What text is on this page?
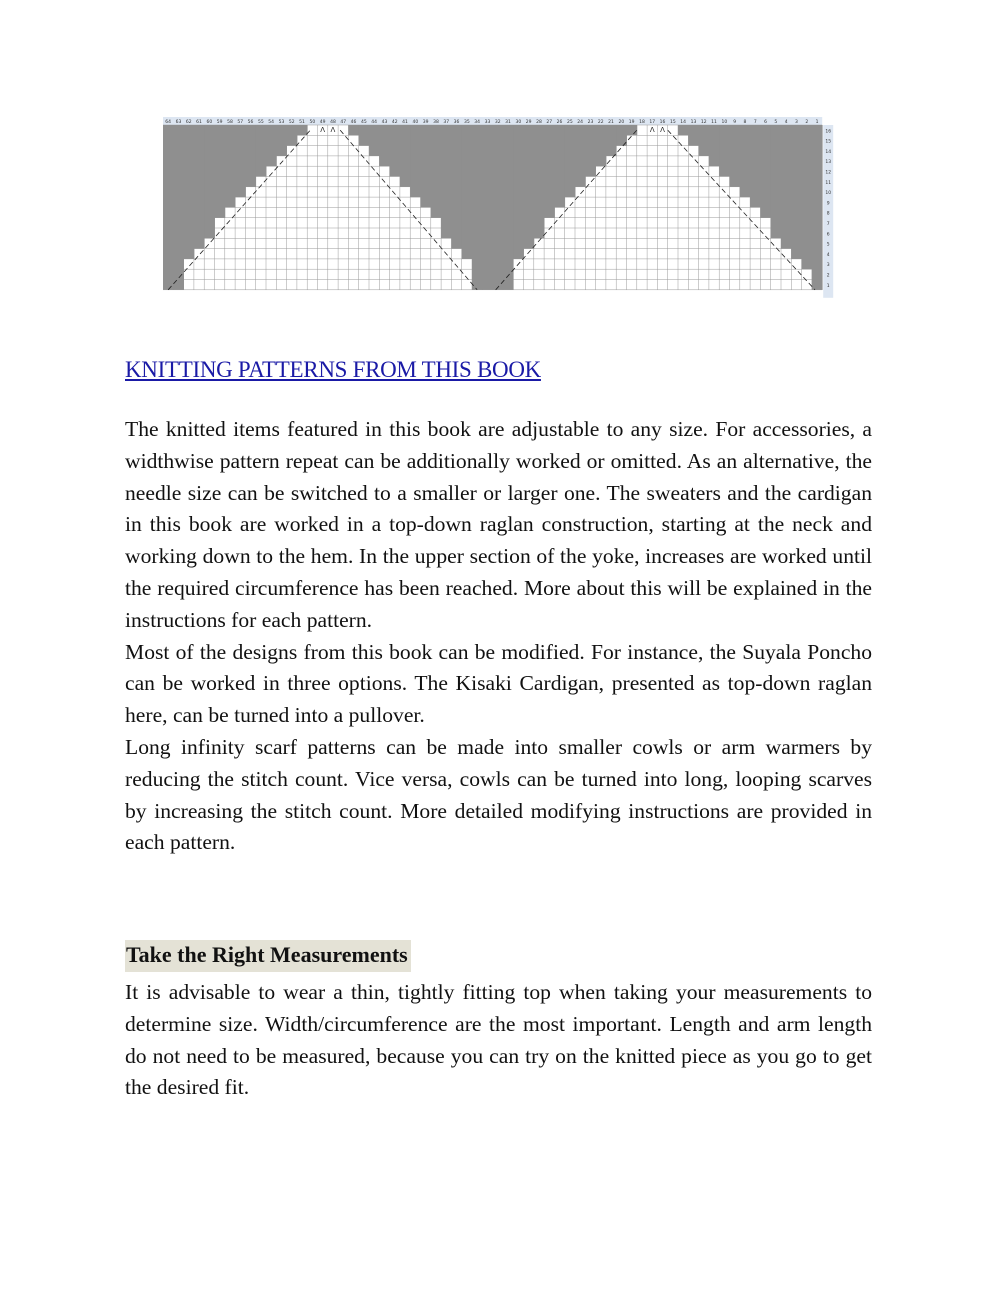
64 63 62 61 60 59 58 57 56 55 54 53 52 51 50 49 48 47 46 45 44 43 42 41 40 39 38 37 36 35 34 33 32 31 30 29 28 27 26 25 24 23 22 21 20 19 18 17 16 15 14 13 12 11 10 9 8 7 6 5 4 3 2 1
Λ Λ	Λ Λ	16
15
14
13
12
11
10
9
8
7
6
5
4
3
2
1
KNITTING PATTERNS FROM THIS BOOK

The knitted items featured in this book are adjustable to any size. For accessories, a widthwise pattern repeat can be additionally worked or omitted. As an alternative, the needle size can be switched to a smaller or larger one. The sweaters and the cardigan in this book are worked in a top-down raglan construction, starting at the neck and working down to the hem. In the upper section of the yoke, increases are worked until the required circumference has been reached. More about this will be explained in the instructions for each pattern.

Most of the designs from this book can be modified. For instance, the Suyala Poncho can be worked in three options. The Kisaki Cardigan, presented as top-down raglan here, can be turned into a pullover.

Long infinity scarf patterns can be made into smaller cowls or arm warmers by reducing the stitch count. Vice versa, cowls can be turned into long, looping scarves by increasing the stitch count. More detailed modifying instructions are provided in each pattern.

Take the Right Measurements

It is advisable to wear a thin, tightly fitting top when taking your measurements to determine size. Width/circumference are the most important. Length and arm length do not need to be measured, because you can try on the knitted piece as you go to get the desired fit.
